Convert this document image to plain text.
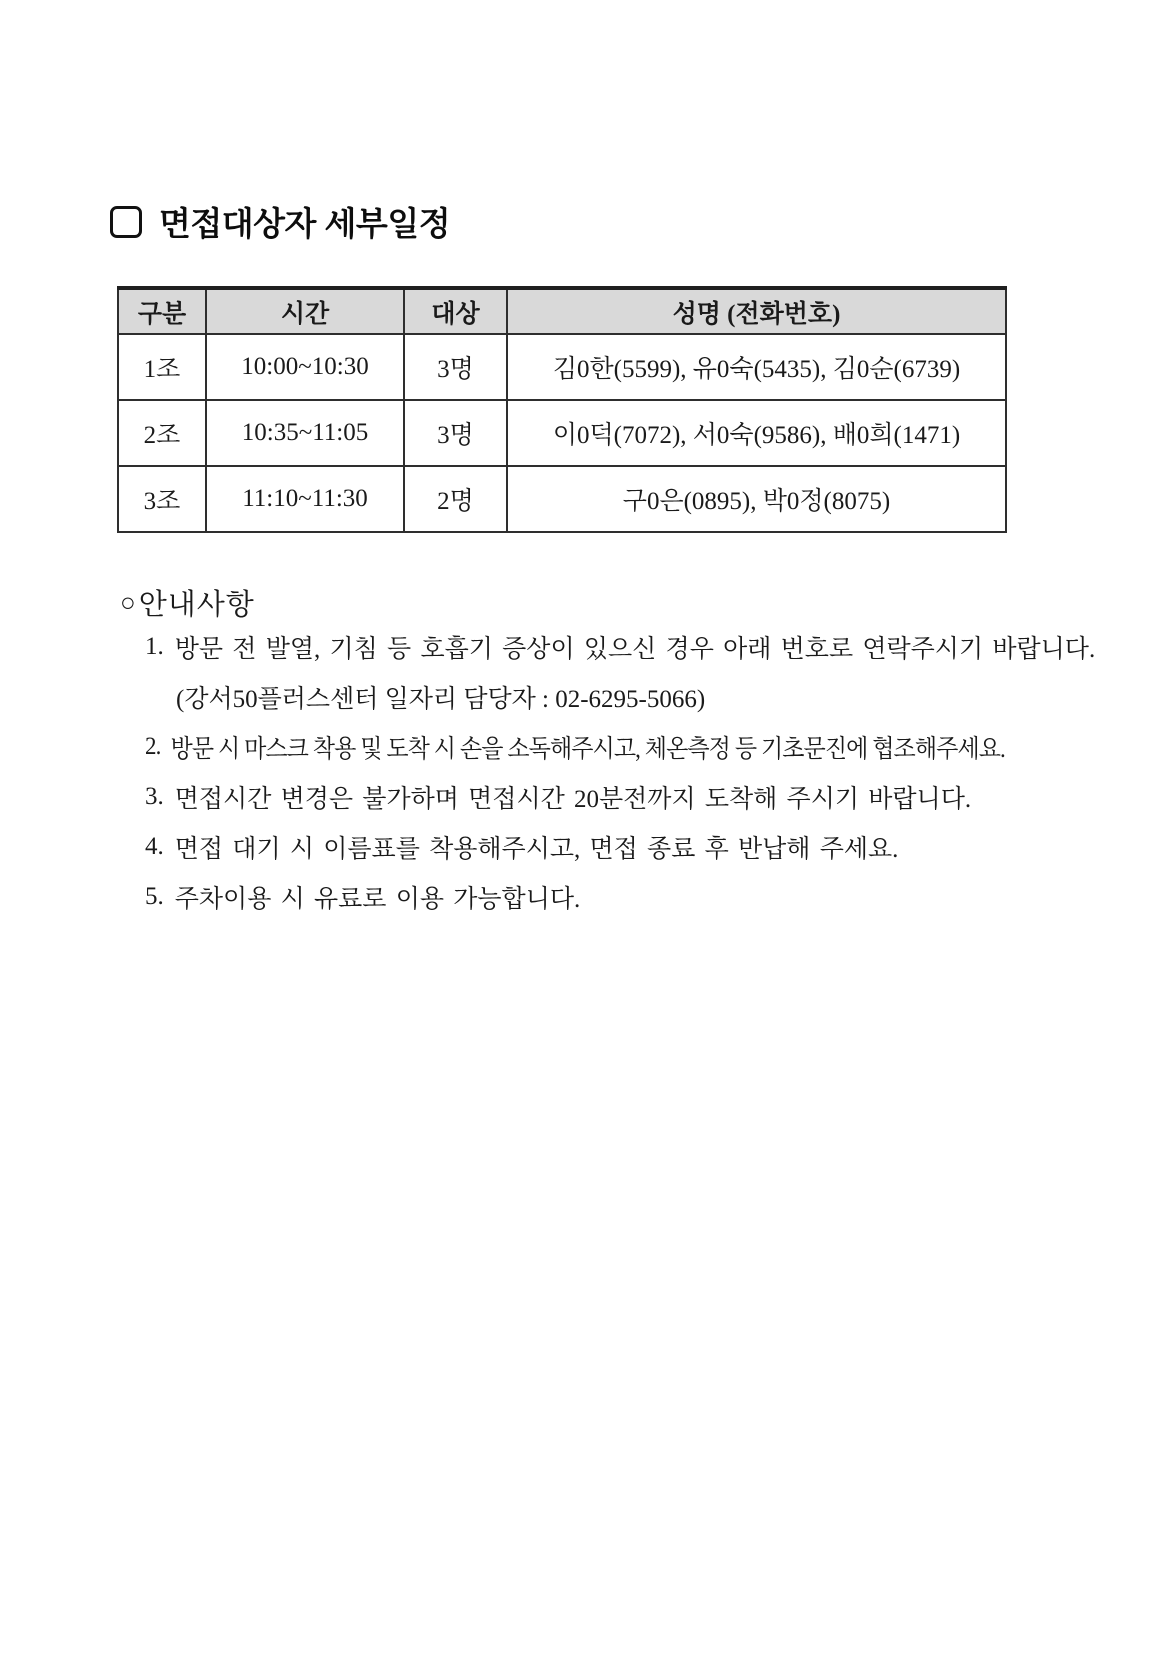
면접대상자 세부일정
구분	시간	대상	성명 (전화번호)
1조	10:00~10:30	3명	김0한(5599), 유0숙(5435), 김0순(6739)
2조	10:35~11:05	3명	이0덕(7072), 서0숙(9586), 배0희(1471)
3조	11:10~11:30	2명	구0은(0895), 박0정(8075)
○ 안내사항

1. 방문 전 발열, 기침 등 호흡기 증상이 있으신 경우 아래 번호로 연락주시기 바랍니다.

(강서50플러스센터 일자리 담당자 : 02-6295-5066)

2. 방문 시 마스크 착용 및 도착 시 손을 소독해주시고, 체온측정 등 기초문진에 협조해주세요.

3. 면접시간 변경은 불가하며 면접시간 20분전까지 도착해 주시기 바랍니다.

4. 면접 대기 시 이름표를 착용해주시고, 면접 종료 후 반납해 주세요.

5. 주차이용 시 유료로 이용 가능합니다.
